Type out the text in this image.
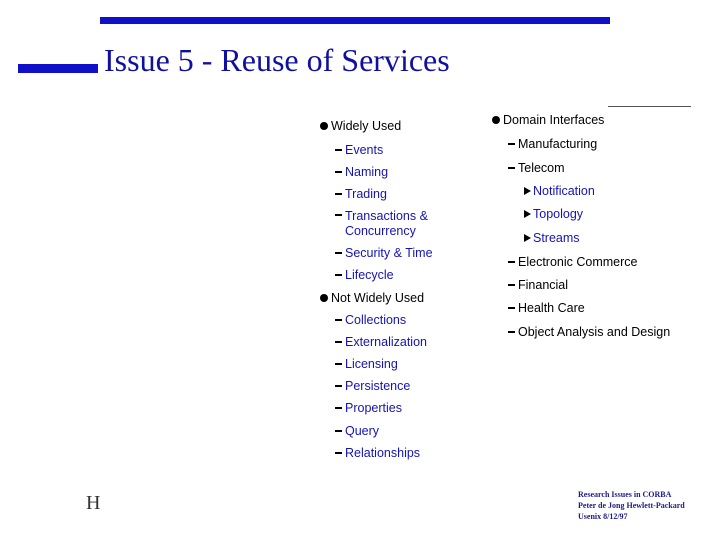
Issue 5 - Reuse of Services
Widely Used
Events
Naming
Trading
Transactions & Concurrency
Security & Time
Lifecycle
Not Widely Used
Collections
Externalization
Licensing
Persistence
Properties
Query
Relationships
Domain Interfaces
Manufacturing
Telecom
Notification
Topology
Streams
Electronic Commerce
Financial
Health Care
Object Analysis and Design
H	Research Issues in CORBA
Peter de Jong Hewlett-Packard
Usenix 8/12/97
